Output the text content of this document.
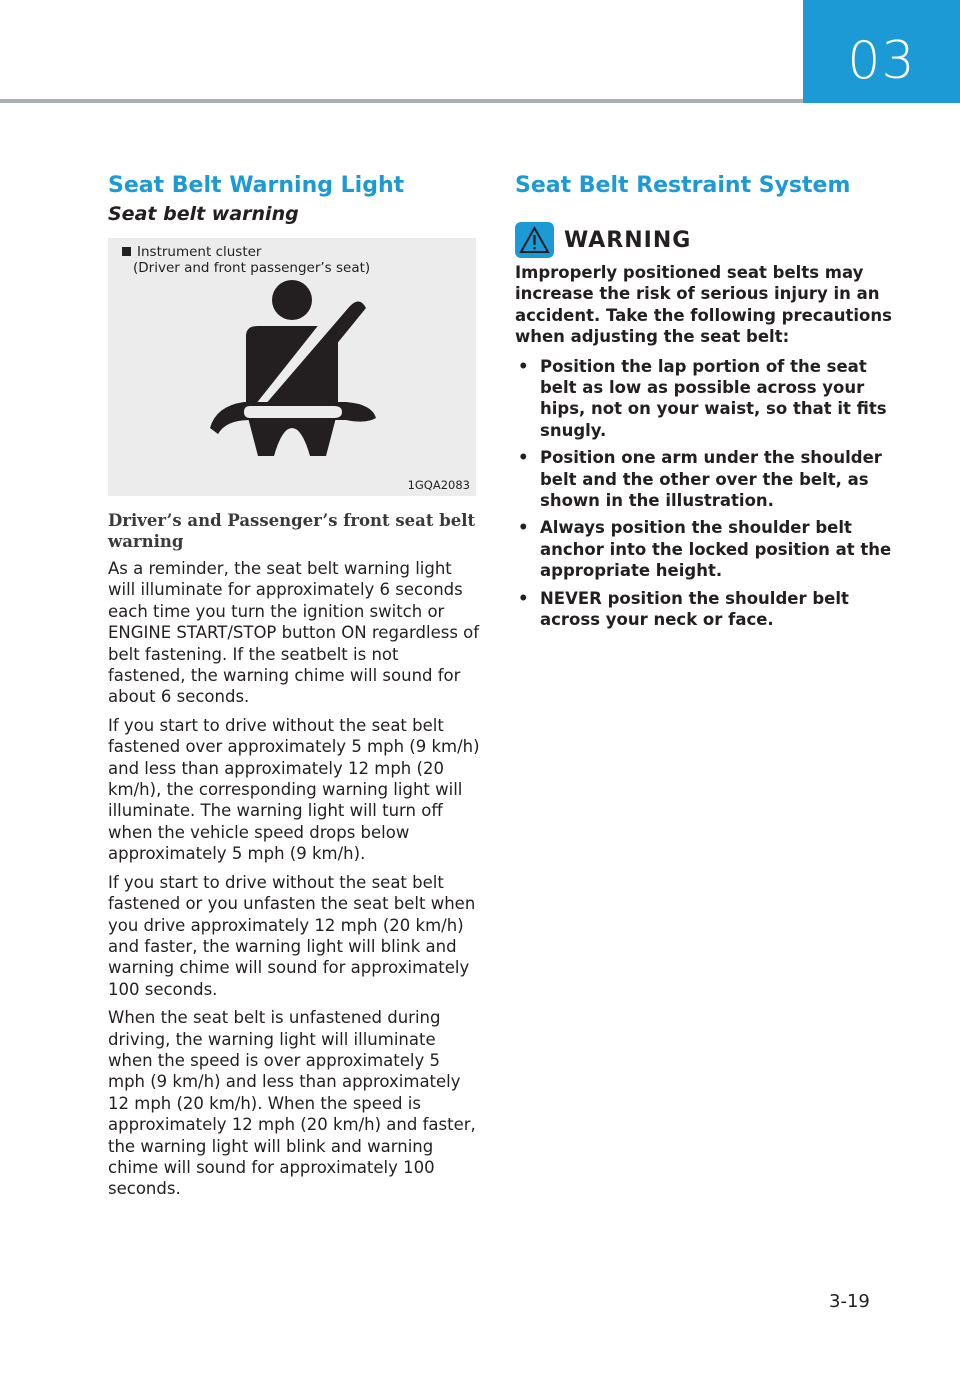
03
Seat Belt Warning Light
Seat belt warning
Instrument cluster
(Driver and front passenger’s seat)
1GQA2083
Driver’s and Passenger’s front seat belt warning

As a reminder, the seat belt warning light will illuminate for approximately 6 seconds each time you turn the ignition switch or ENGINE START/STOP button ON regardless of belt fastening. If the seatbelt is not fastened, the warning chime will sound for about 6 seconds.

If you start to drive without the seat belt fastened over approximately 5 mph (9 km/h) and less than approximately 12 mph (20 km/h), the corresponding warning light will illuminate. The warning light will turn off when the vehicle speed drops below approximately 5 mph (9 km/h).

If you start to drive without the seat belt fastened or you unfasten the seat belt when you drive approximately 12 mph (20 km/h) and faster, the warning light will blink and warning chime will sound for approximately 100 seconds.

When the seat belt is unfastened during driving, the warning light will illuminate when the speed is over approximately 5 mph (9 km/h) and less than approximately 12 mph (20 km/h). When the speed is approximately 12 mph (20 km/h) and faster, the warning light will blink and warning chime will sound for approximately 100 seconds.

Seat Belt Restraint System
WARNING

Improperly positioned seat belts may increase the risk of serious injury in an accident. Take the following precautions when adjusting the seat belt:

• Position the lap portion of the seat belt as low as possible across your hips, not on your waist, so that it fits snugly.
• Position one arm under the shoulder belt and the other over the belt, as shown in the illustration.
• Always position the shoulder belt anchor into the locked position at the appropriate height.
• NEVER position the shoulder belt across your neck or face.
3-19
